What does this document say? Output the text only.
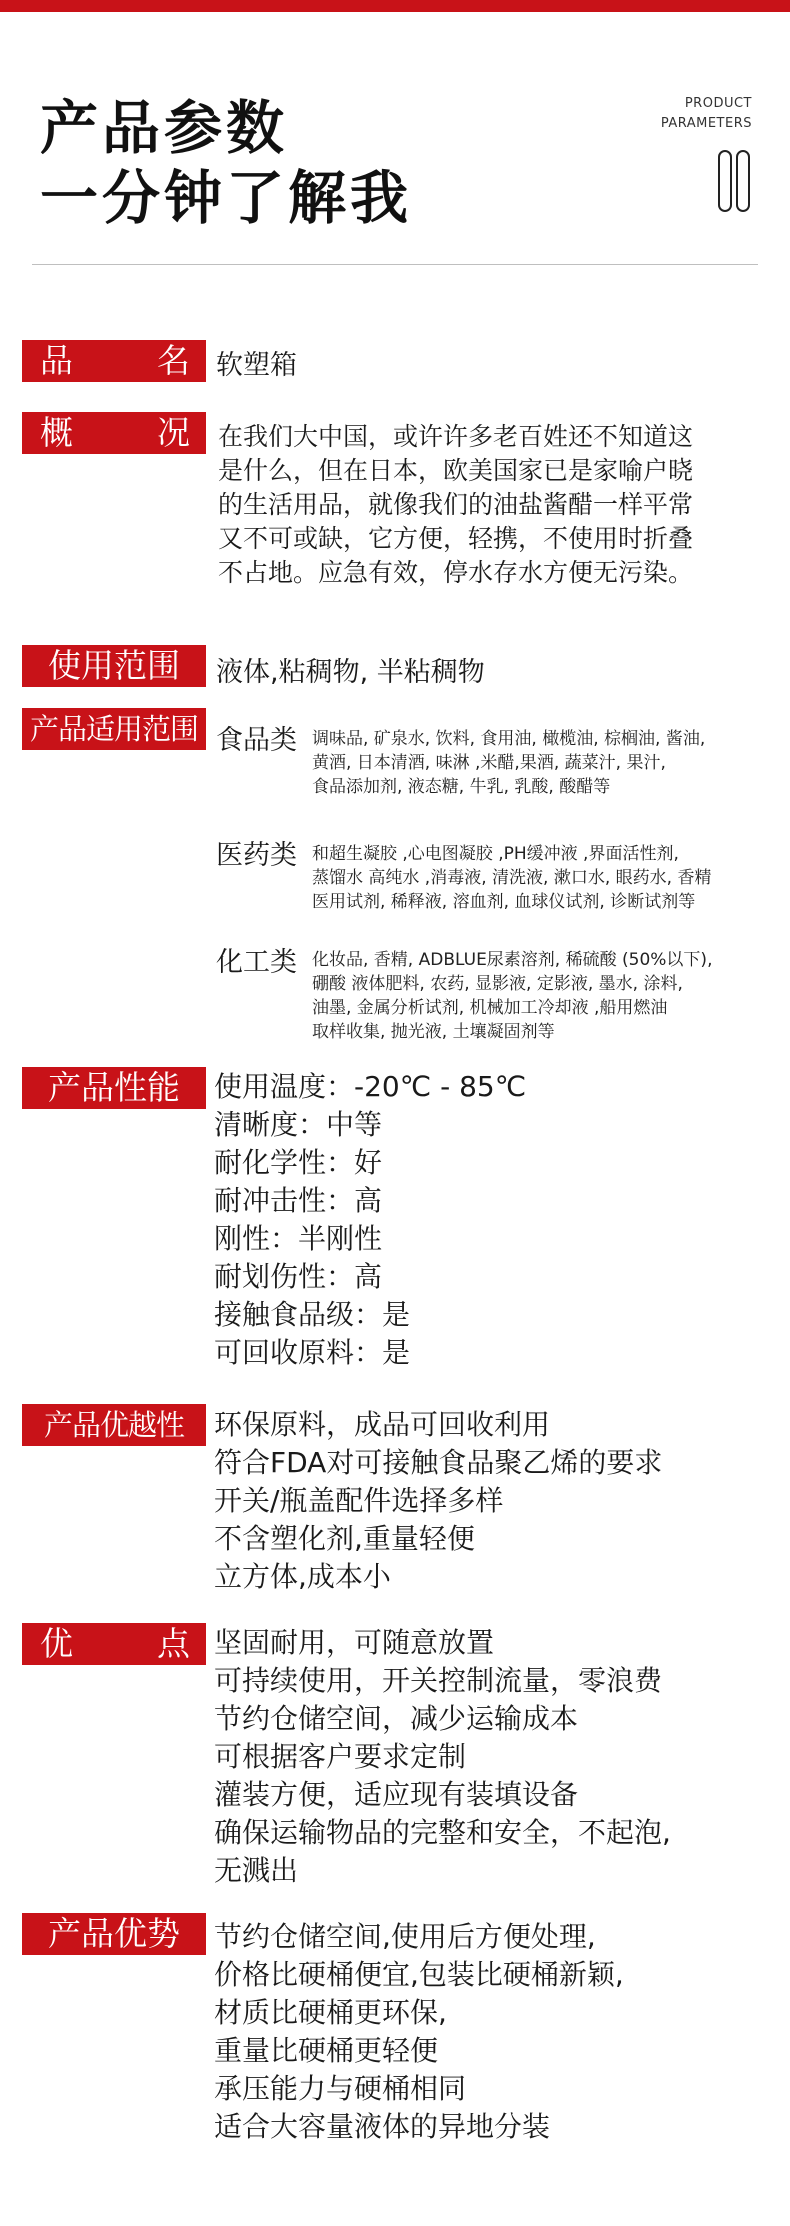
产品参数
一分钟了解我
PRODUCT
PARAMETERS
品	名 软塑箱
概	况 在我们大中国，或许许多老百姓还不知道这
是什么，但在日本，欧美国家已是家喻户晓
的生活用品，就像我们的油盐酱醋一样平常
又不可或缺，它方便，轻携，不使用时折叠
不占地。应急有效，停水存水方便无污染。
使用范围	液体,粘稠物, 半粘稠物
产品适用范围 食品类 调味品, 矿泉水, 饮料, 食用油, 橄榄油, 棕榈油, 酱油,
黄酒, 日本清酒, 味淋 ,米醋,果酒, 蔬菜汁, 果汁,
食品添加剂, 液态糖, 牛乳, 乳酸, 酸醋等
医药类 和超生凝胶 ,心电图凝胶 ,PH缓冲液 ,界面活性剂,
蒸馏水 高纯水 ,消毒液, 清洗液, 漱口水, 眼药水, 香精
医用试剂, 稀释液, 溶血剂, 血球仪试剂, 诊断试剂等
化工类 化妆品, 香精, ADBLUE尿素溶剂, 稀硫酸 (50%以下),
硼酸 液体肥料, 农药, 显影液, 定影液, 墨水, 涂料,
油墨, 金属分析试剂, 机械加工冷却液 ,船用燃油
取样收集, 抛光液, 土壤凝固剂等
产品性能	使用温度：-20℃ - 85℃
清晰度：中等
耐化学性：好
耐冲击性：高
刚性：半刚性
耐划伤性：高
接触食品级：是
可回收原料：是
产品优越性	环保原料，成品可回收利用
符合FDA对可接触食品聚乙烯的要求
开关/瓶盖配件选择多样
不含塑化剂,重量轻便
立方体,成本小
优	点 坚固耐用，可随意放置
可持续使用，开关控制流量，零浪费
节约仓储空间，减少运输成本
可根据客户要求定制
灌装方便，适应现有装填设备
确保运输物品的完整和安全，不起泡,
无溅出
产品优势	节约仓储空间,使用后方便处理,
价格比硬桶便宜,包装比硬桶新颖,
材质比硬桶更环保,
重量比硬桶更轻便
承压能力与硬桶相同
适合大容量液体的异地分装
